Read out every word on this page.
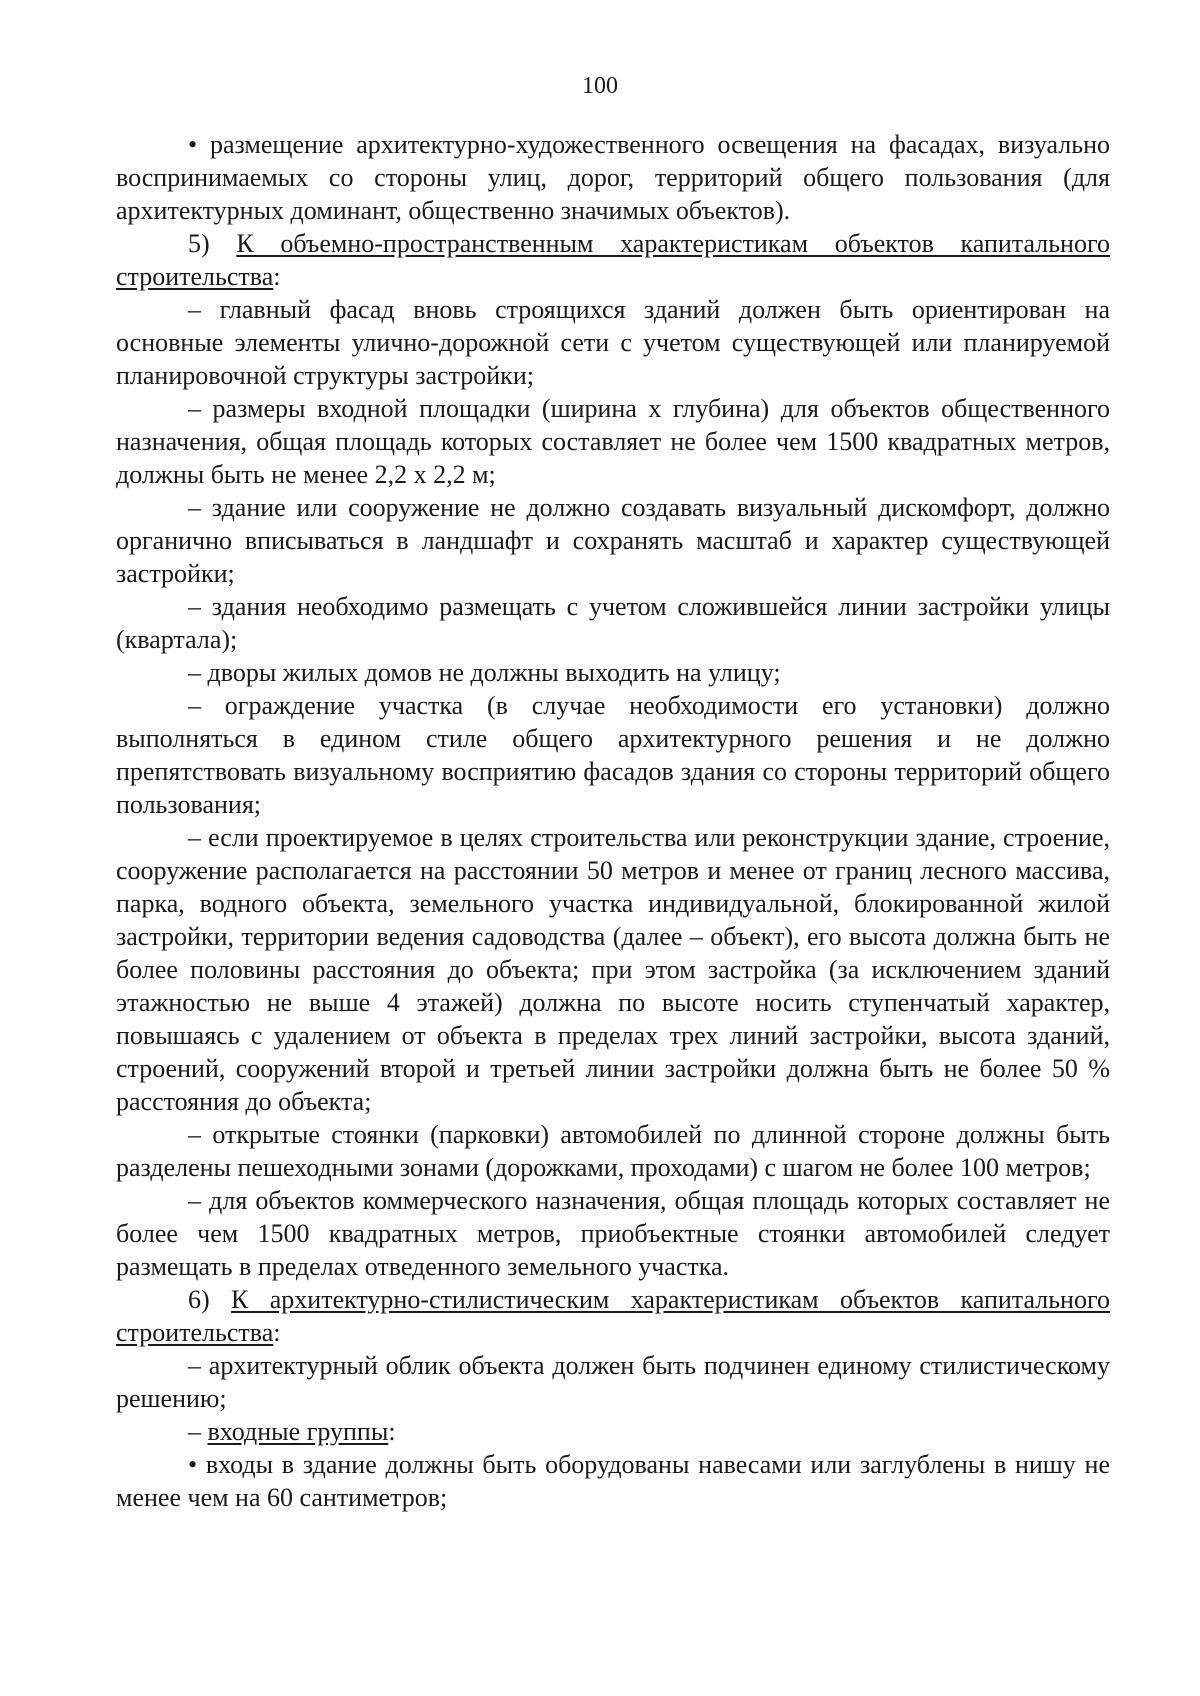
100

• размещение архитектурно-художественного освещения на фасадах, визуально воспринимаемых со стороны улиц, дорог, территорий общего пользования (для архитектурных доминант, общественно значимых объектов).

5) К объемно-пространственным характеристикам объектов капитального строительства:

– главный фасад вновь строящихся зданий должен быть ориентирован на основные элементы улично-дорожной сети с учетом существующей или планируемой планировочной структуры застройки;

– размеры входной площадки (ширина х глубина) для объектов общественного назначения, общая площадь которых составляет не более чем 1500 квадратных метров, должны быть не менее 2,2 х 2,2 м;

– здание или сооружение не должно создавать визуальный дискомфорт, должно органично вписываться в ландшафт и сохранять масштаб и характер существующей застройки;

– здания необходимо размещать с учетом сложившейся линии застройки улицы (квартала);

– дворы жилых домов не должны выходить на улицу;

– ограждение участка (в случае необходимости его установки) должно выполняться в едином стиле общего архитектурного решения и не должно препятствовать визуальному восприятию фасадов здания со стороны территорий общего пользования;

– если проектируемое в целях строительства или реконструкции здание, строение, сооружение располагается на расстоянии 50 метров и менее от границ лесного массива, парка, водного объекта, земельного участка индивидуальной, блокированной жилой застройки, территории ведения садоводства (далее – объект), его высота должна быть не более половины расстояния до объекта; при этом застройка (за исключением зданий этажностью не выше 4 этажей) должна по высоте носить ступенчатый характер, повышаясь с удалением от объекта в пределах трех линий застройки, высота зданий, строений, сооружений второй и третьей линии застройки должна быть не более 50 % расстояния до объекта;

– открытые стоянки (парковки) автомобилей по длинной стороне должны быть разделены пешеходными зонами (дорожками, проходами) с шагом не более 100 метров;

– для объектов коммерческого назначения, общая площадь которых составляет не более чем 1500 квадратных метров, приобъектные стоянки автомобилей следует размещать в пределах отведенного земельного участка.

6) К архитектурно-стилистическим характеристикам объектов капитального строительства:

– архитектурный облик объекта должен быть подчинен единому стилистическому решению;

– входные группы:

• входы в здание должны быть оборудованы навесами или заглублены в нишу не менее чем на 60 сантиметров;
